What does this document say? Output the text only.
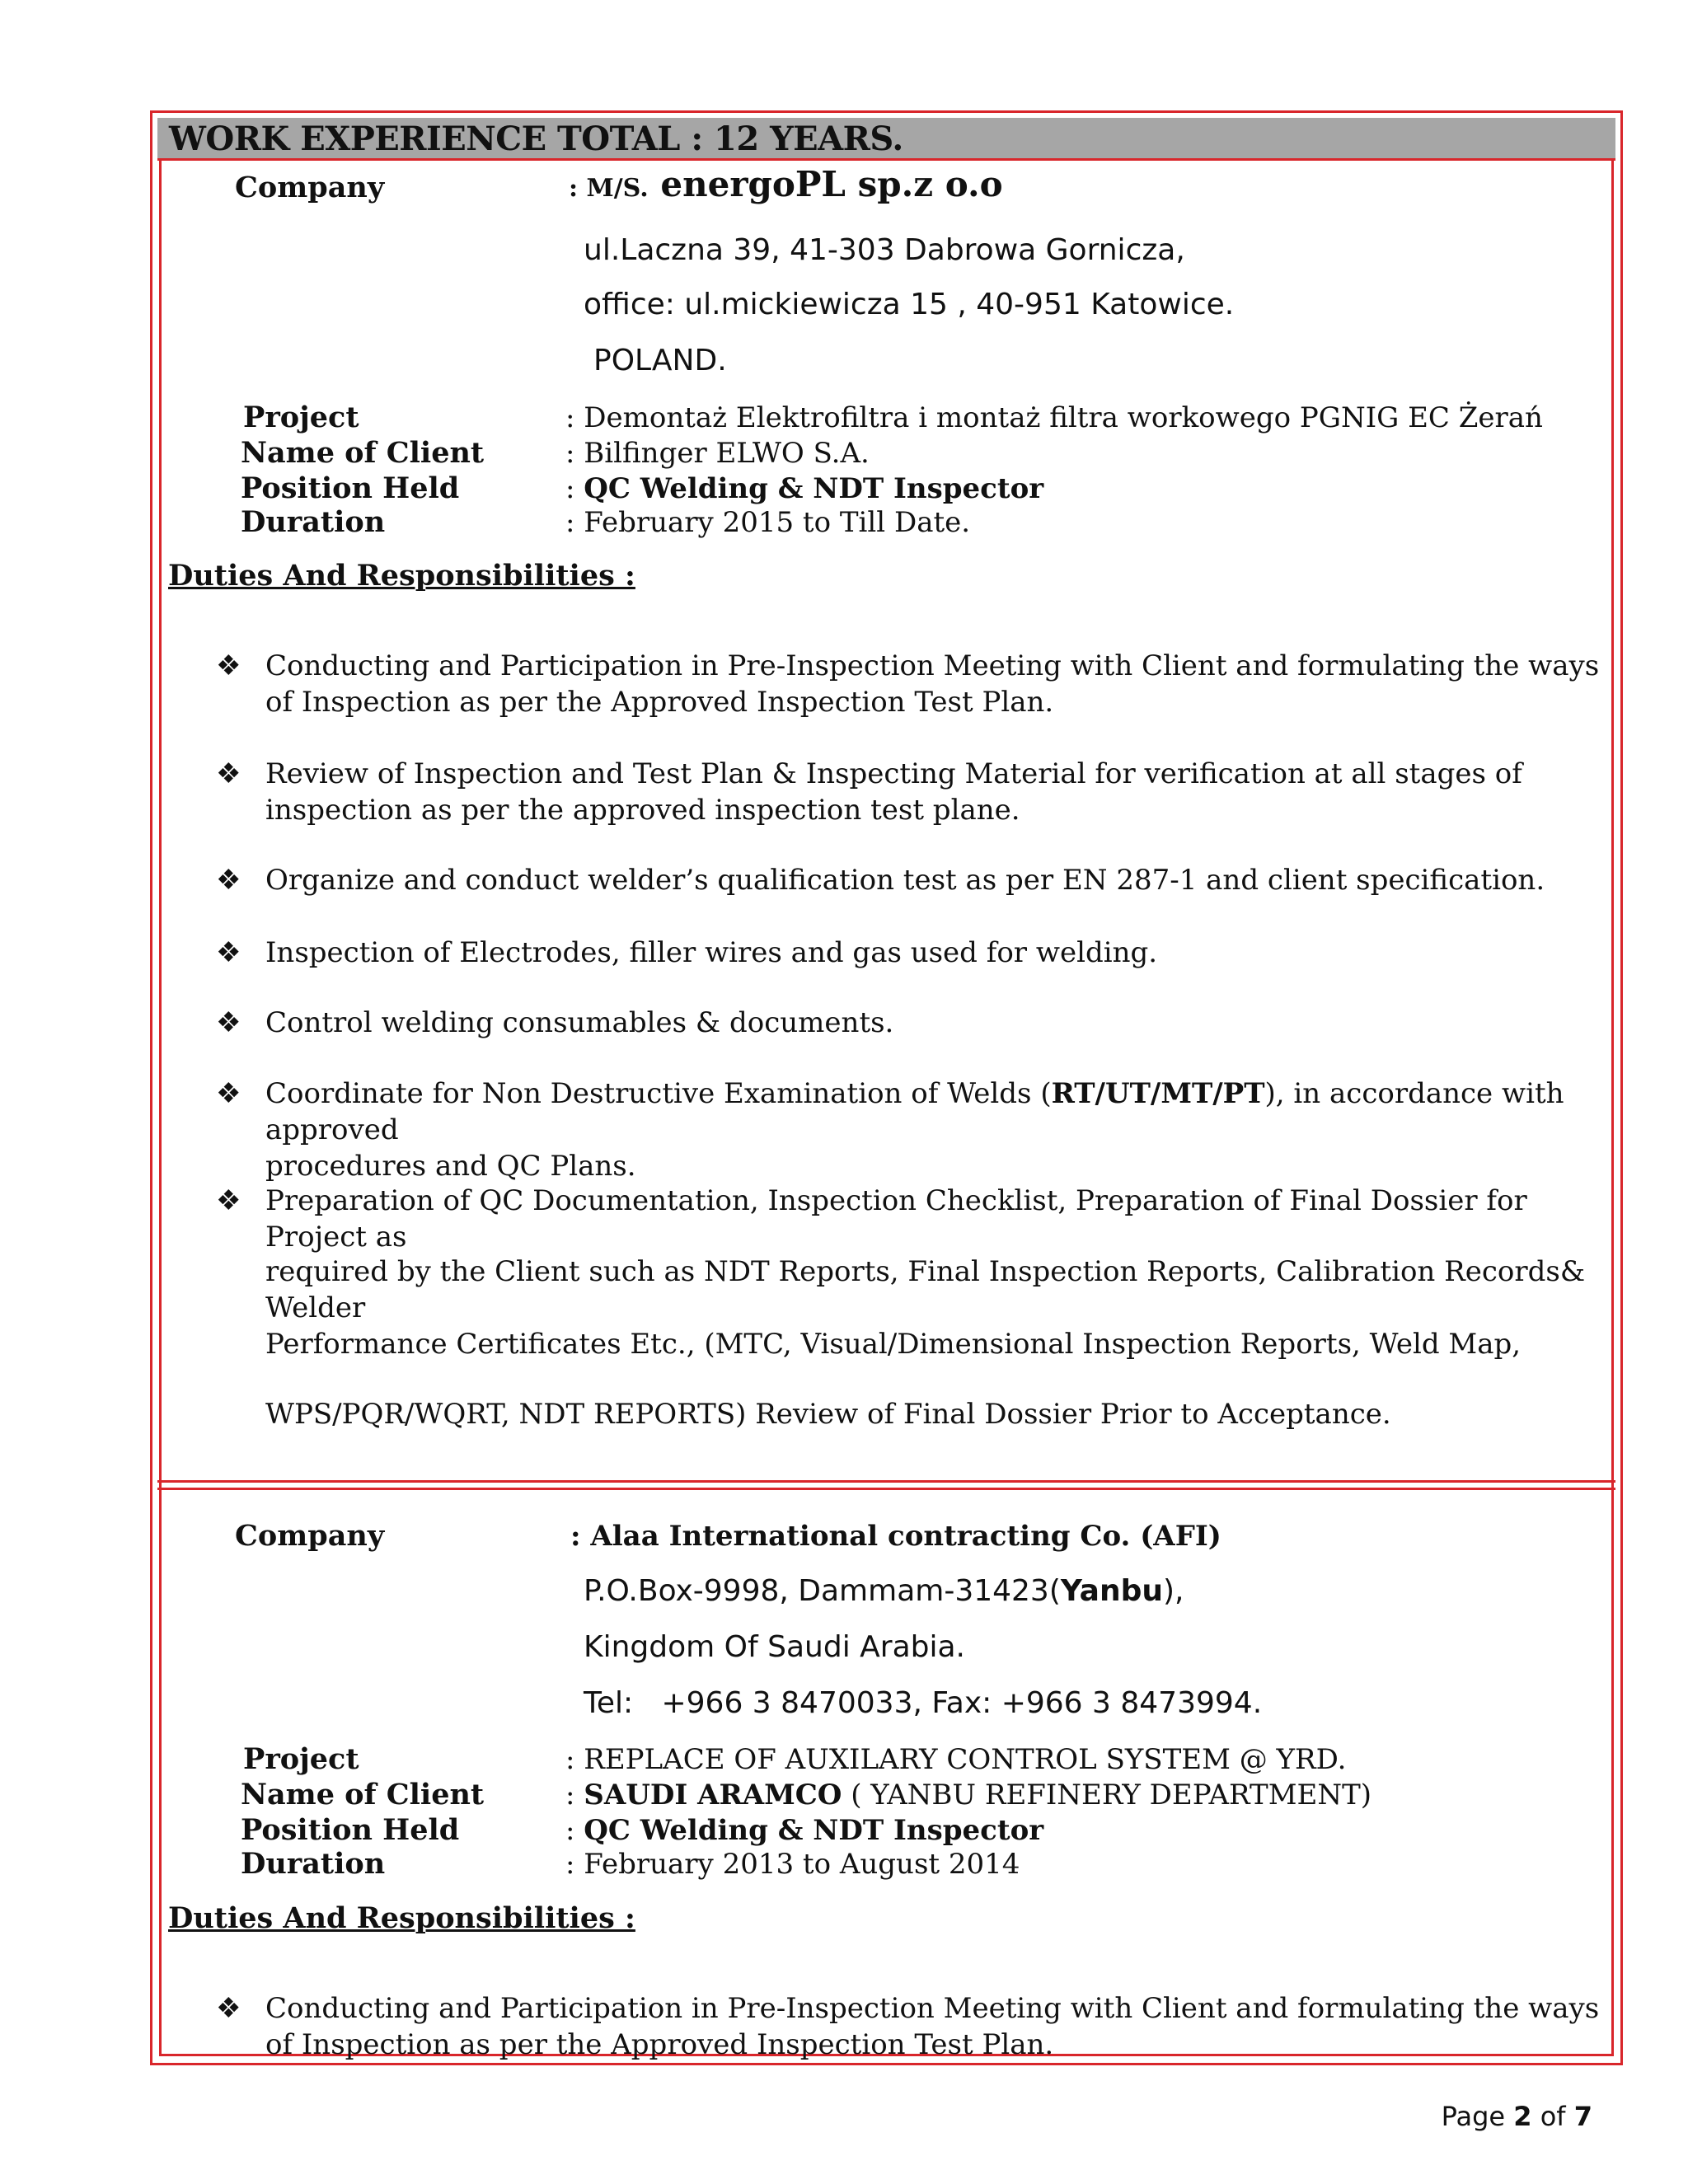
WORK EXPERIENCE TOTAL : 12 YEARS.
Company	: M/S. energoPL sp.z o.o
ul.Laczna 39, 41-303 Dabrowa Gornicza,
office: ul.mickiewicza 15 , 40-951 Katowice.
POLAND.
Project	: Demontaż Elektrofiltra i montaż filtra workowego PGNIG EC Żerań
Name of Client	: Bilfinger ELWO S.A.
Position Held	: QC Welding & NDT Inspector
Duration	: February 2015 to Till Date.
Duties And Responsibilities :
❖ Conducting and Participation in Pre-Inspection Meeting with Client and formulating the ways of Inspection as per the Approved Inspection Test Plan.
❖ Review of Inspection and Test Plan & Inspecting Material for verification at all stages of inspection as per the approved inspection test plane.
❖ Organize and conduct welder’s qualification test as per EN 287-1 and client specification.
❖ Inspection of Electrodes, filler wires and gas used for welding.
❖ Control welding consumables & documents.
❖ Coordinate for Non Destructive Examination of Welds (RT/UT/MT/PT), in accordance with approved
procedures and QC Plans.
❖ Preparation of QC Documentation, Inspection Checklist, Preparation of Final Dossier for Project as
required by the Client such as NDT Reports, Final Inspection Reports, Calibration Records& Welder
Performance Certificates Etc., (MTC, Visual/Dimensional Inspection Reports, Weld Map,
WPS/PQR/WQRT, NDT REPORTS) Review of Final Dossier Prior to Acceptance.
Company	: Alaa International contracting Co. (AFI)
P.O.Box-9998, Dammam-31423(Yanbu),
Kingdom Of Saudi Arabia.
Tel:   +966 3 8470033, Fax: +966 3 8473994.
Project	: REPLACE OF AUXILARY CONTROL SYSTEM @ YRD.
Name of Client	: SAUDI ARAMCO ( YANBU REFINERY DEPARTMENT)
Position Held	: QC Welding & NDT Inspector
Duration	: February 2013 to August 2014
Duties And Responsibilities :
❖ Conducting and Participation in Pre-Inspection Meeting with Client and formulating the ways of Inspection as per the Approved Inspection Test Plan.
Page 2 of 7
